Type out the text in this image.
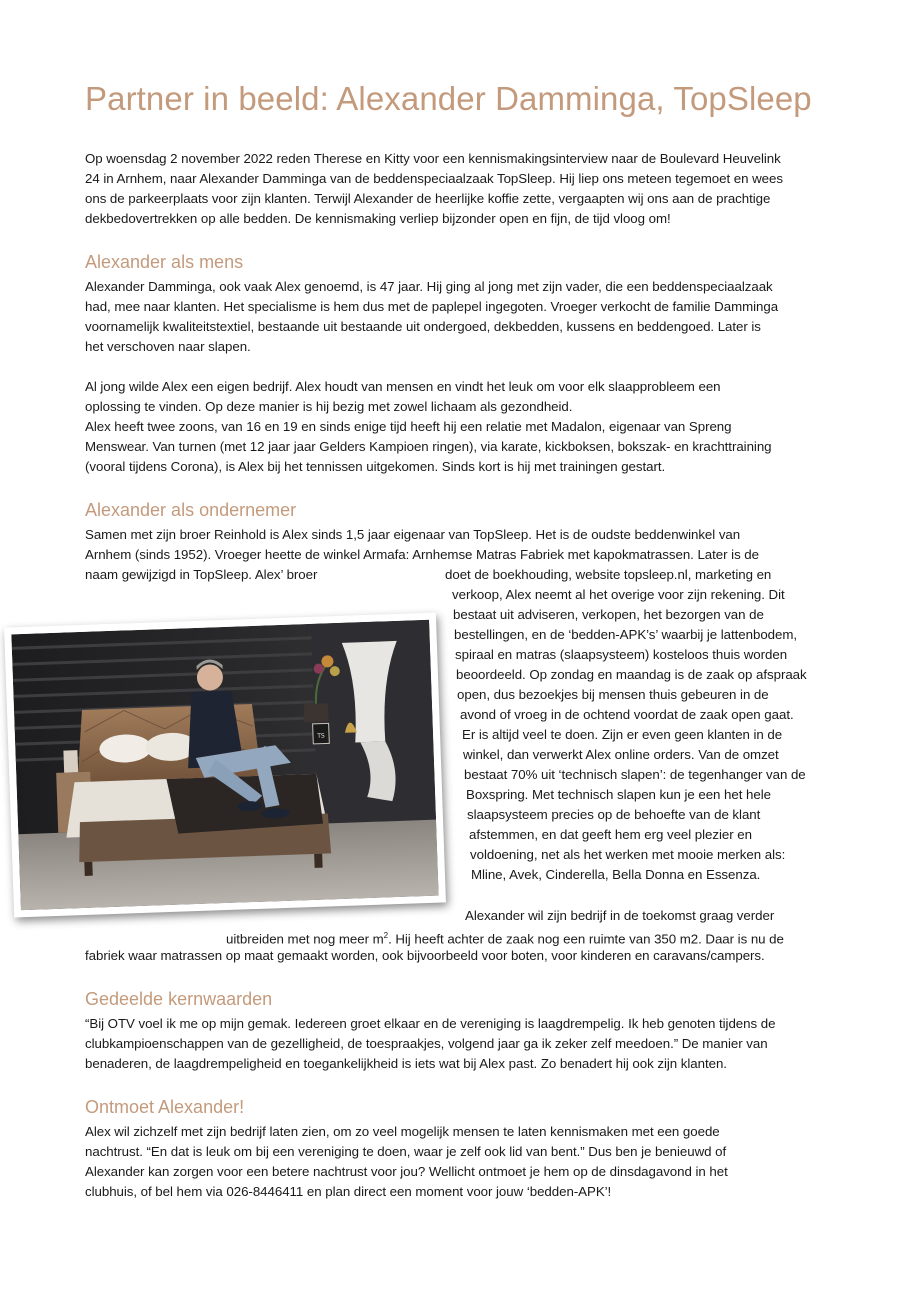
Partner in beeld: Alexander Damminga, TopSleep

Op woensdag 2 november 2022 reden Therese en Kitty voor een kennismakingsinterview naar de Boulevard Heuvelink

24 in Arnhem, naar Alexander Damminga van de beddenspeciaalzaak TopSleep. Hij liep ons meteen tegemoet en wees

ons de parkeerplaats voor zijn klanten. Terwijl Alexander de heerlijke koffie zette, vergaapten wij ons aan de prachtige

dekbedovertrekken op alle bedden. De kennismaking verliep bijzonder open en fijn, de tijd vloog om!

Alexander als mens

Alexander Damminga, ook vaak Alex genoemd, is 47 jaar. Hij ging al jong met zijn vader, die een beddenspeciaalzaak

had, mee naar klanten. Het specialisme is hem dus met de paplepel ingegoten. Vroeger verkocht de familie Damminga

voornamelijk kwaliteitstextiel, bestaande uit bestaande uit ondergoed, dekbedden, kussens en beddengoed. Later is

het verschoven naar slapen.

Al jong wilde Alex een eigen bedrijf. Alex houdt van mensen en vindt het leuk om voor elk slaapprobleem een

oplossing te vinden. Op deze manier is hij bezig met zowel lichaam als gezondheid.

Alex heeft twee zoons, van 16 en 19 en sinds enige tijd heeft hij een relatie met Madalon, eigenaar van Spreng

Menswear. Van turnen (met 12 jaar jaar Gelders Kampioen ringen), via karate, kickboksen, bokszak- en krachttraining

(vooral tijdens Corona), is Alex bij het tennissen uitgekomen. Sinds kort is hij met trainingen gestart.

Alexander als ondernemer

Samen met zijn broer Reinhold is Alex sinds 1,5 jaar eigenaar van TopSleep. Het is de oudste beddenwinkel van

Arnhem (sinds 1952). Vroeger heette de winkel Armafa: Arnhemse Matras Fabriek met kapokmatrassen. Later is de

naam gewijzigd in TopSleep. Alex’ broer	doet de boekhouding, website topsleep.nl, marketing en

verkoop, Alex neemt al het overige voor zijn rekening. Dit

bestaat uit adviseren, verkopen, het bezorgen van de

bestellingen, en de ‘bedden-APK’s’ waarbij je lattenbodem,

spiraal en matras (slaapsysteem) kosteloos thuis worden

beoordeeld. Op zondag en maandag is de zaak op afspraak

open, dus bezoekjes bij mensen thuis gebeuren in de

avond of vroeg in de ochtend voordat de zaak open gaat.

Er is altijd veel te doen. Zijn er even geen klanten in de

winkel, dan verwerkt Alex online orders. Van de omzet

bestaat 70% uit ‘technisch slapen’: de tegenhanger van de

Boxspring. Met technisch slapen kun je een het hele

slaapsysteem precies op de behoefte van de klant

afstemmen, en dat geeft hem erg veel plezier en

voldoening, net als het werken met mooie merken als:

Mline, Avek, Cinderella, Bella Donna en Essenza.

TS

Alexander wil zijn bedrijf in de toekomst graag verder

uitbreiden met nog meer $m^2$. Hij heeft achter de zaak nog een ruimte van 350 m2. Daar is nu de

fabriek waar matrassen op maat gemaakt worden, ook bijvoorbeeld voor boten, voor kinderen en caravans/campers.

Gedeelde kernwaarden

“Bij OTV voel ik me op mijn gemak. Iedereen groet elkaar en de vereniging is laagdrempelig. Ik heb genoten tijdens de

clubkampioenschappen van de gezelligheid, de toespraakjes, volgend jaar ga ik zeker zelf meedoen.” De manier van

benaderen, de laagdrempeligheid en toegankelijkheid is iets wat bij Alex past. Zo benadert hij ook zijn klanten.

Ontmoet Alexander!

Alex wil zichzelf met zijn bedrijf laten zien, om zo veel mogelijk mensen te laten kennismaken met een goede

nachtrust. “En dat is leuk om bij een vereniging te doen, waar je zelf ook lid van bent.” Dus ben je benieuwd of

Alexander kan zorgen voor een betere nachtrust voor jou? Wellicht ontmoet je hem op de dinsdagavond in het

clubhuis, of bel hem via 026-8446411 en plan direct een moment voor jouw ‘bedden-APK’!
